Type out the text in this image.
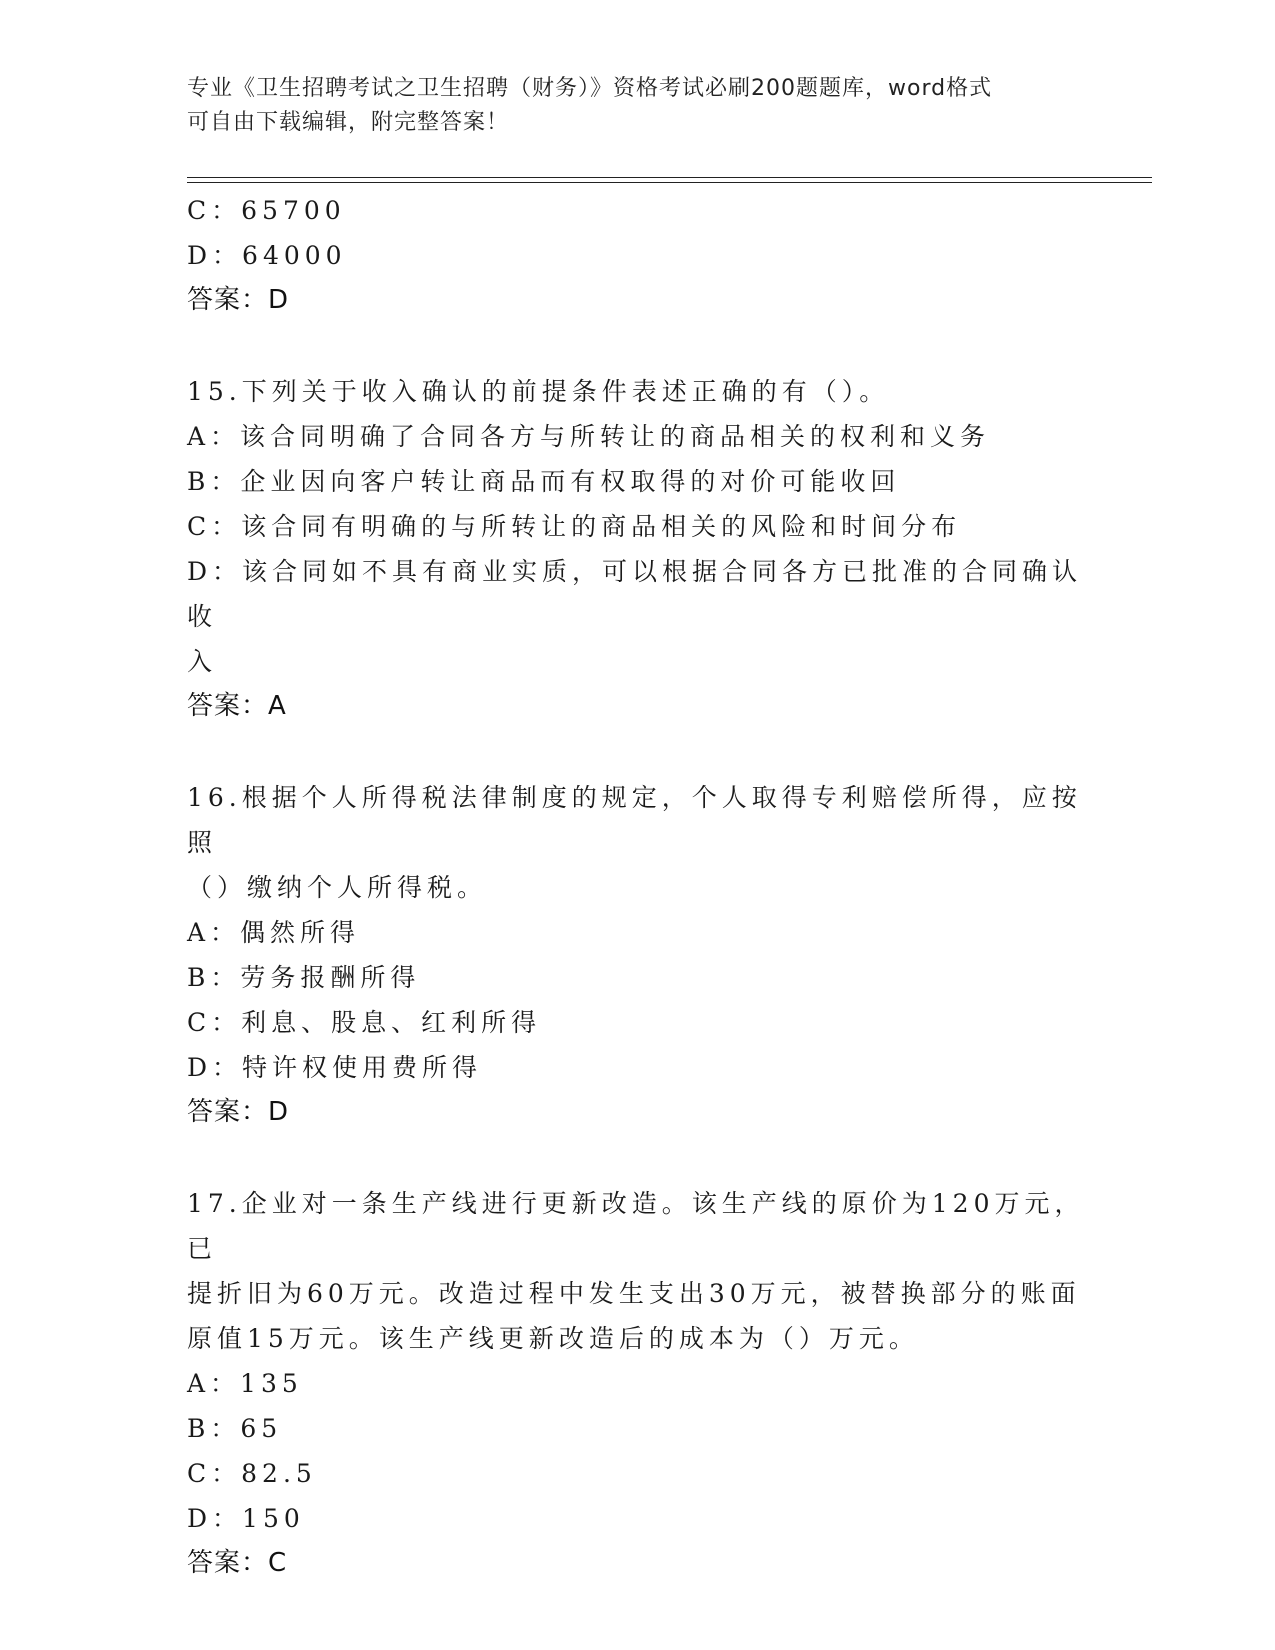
专业《卫生招聘考试之卫生招聘（财务）》资格考试必刷200题题库，word格式
可自由下载编辑，附完整答案！
C：65700
D：64000
答案：D
15.下列关于收入确认的前提条件表述正确的有（）。
A：该合同明确了合同各方与所转让的商品相关的权利和义务
B：企业因向客户转让商品而有权取得的对价可能收回
C：该合同有明确的与所转让的商品相关的风险和时间分布
D：该合同如不具有商业实质，可以根据合同各方已批准的合同确认收
入
答案：A
16.根据个人所得税法律制度的规定，个人取得专利赔偿所得，应按照
（）缴纳个人所得税。
A：偶然所得
B：劳务报酬所得
C：利息、股息、红利所得
D：特许权使用费所得
答案：D
17.企业对一条生产线进行更新改造。该生产线的原价为120万元，已
提折旧为60万元。改造过程中发生支出30万元，被替换部分的账面
原值15万元。该生产线更新改造后的成本为（）万元。
A：135
B：65
C：82.5
D：150
答案：C
